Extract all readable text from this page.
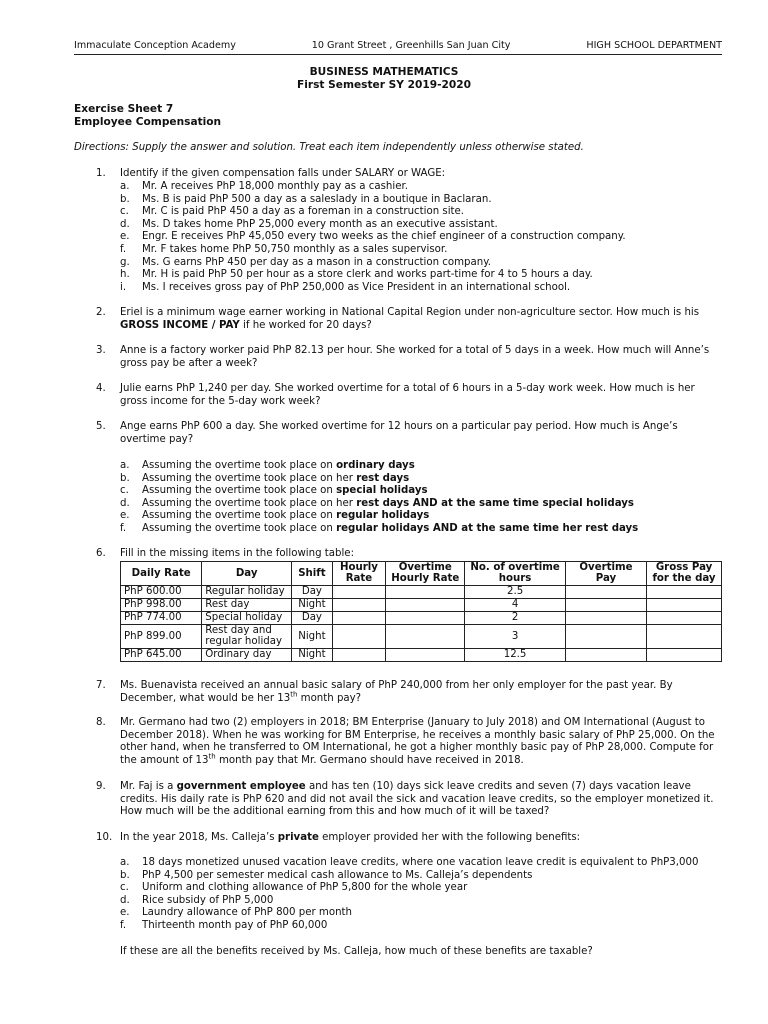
Immaculate Conception Academy	10 Grant Street , Greenhills San Juan City	HIGH SCHOOL DEPARTMENT
BUSINESS MATHEMATICS
First Semester SY 2019-2020
Exercise Sheet 7
Employee Compensation
Directions: Supply the answer and solution. Treat each item independently unless otherwise stated.
1. Identify if the given compensation falls under SALARY or WAGE:
a. Mr. A receives PhP 18,000 monthly pay as a cashier.
b. Ms. B is paid PhP 500 a day as a saleslady in a boutique in Baclaran.
c. Mr. C is paid PhP 450 a day as a foreman in a construction site.
d. Ms. D takes home PhP 25,000 every month as an executive assistant.
e. Engr. E receives PhP 45,050 every two weeks as the chief engineer of a construction company.
f. Mr. F takes home PhP 50,750 monthly as a sales supervisor.
g. Ms. G earns PhP 450 per day as a mason in a construction company.
h. Mr. H is paid PhP 50 per hour as a store clerk and works part-time for 4 to 5 hours a day.
i. Ms. I receives gross pay of PhP 250,000 as Vice President in an international school.
2. Eriel is a minimum wage earner working in National Capital Region under non-agriculture sector. How much is his GROSS INCOME / PAY if he worked for 20 days?
3. Anne is a factory worker paid PhP 82.13 per hour. She worked for a total of 5 days in a week. How much will Anne’s gross pay be after a week?
4. Julie earns PhP 1,240 per day. She worked overtime for a total of 6 hours in a 5-day work week. How much is her gross income for the 5-day work week?
5. Ange earns PhP 600 a day. She worked overtime for 12 hours on a particular pay period. How much is Ange’s overtime pay?
a. Assuming the overtime took place on ordinary days
b. Assuming the overtime took place on her rest days
c. Assuming the overtime took place on special holidays
d. Assuming the overtime took place on her rest days AND at the same time special holidays
e. Assuming the overtime took place on regular holidays
f. Assuming the overtime took place on regular holidays AND at the same time her rest days
6. Fill in the missing items in the following table:
Daily Rate	Day	Shift	Hourly Rate	Overtime Hourly Rate	No. of overtime hours	Overtime Pay	Gross Pay for the day
PhP 600.00	Regular holiday	Day			2.5		
PhP 998.00	Rest day	Night			4		
PhP 774.00	Special holiday	Day			2		
PhP 899.00	Rest day and regular holiday	Night			3		
PhP 645.00	Ordinary day	Night			12.5		
7. Ms. Buenavista received an annual basic salary of PhP 240,000 from her only employer for the past year. By December, what would be her 13th month pay?
8. Mr. Germano had two (2) employers in 2018; BM Enterprise (January to July 2018) and OM International (August to December 2018). When he was working for BM Enterprise, he receives a monthly basic salary of PhP 25,000. On the other hand, when he transferred to OM International, he got a higher monthly basic pay of PhP 28,000. Compute for the amount of 13th month pay that Mr. Germano should have received in 2018.
9. Mr. Faj is a government employee and has ten (10) days sick leave credits and seven (7) days vacation leave credits. His daily rate is PhP 620 and did not avail the sick and vacation leave credits, so the employer monetized it. How much will be the additional earning from this and how much of it will be taxed?
10. In the year 2018, Ms. Calleja’s private employer provided her with the following benefits:
a. 18 days monetized unused vacation leave credits, where one vacation leave credit is equivalent to PhP3,000
b. PhP 4,500 per semester medical cash allowance to Ms. Calleja’s dependents
c. Uniform and clothing allowance of PhP 5,800 for the whole year
d. Rice subsidy of PhP 5,000
e. Laundry allowance of PhP 800 per month
f. Thirteenth month pay of PhP 60,000
If these are all the benefits received by Ms. Calleja, how much of these benefits are taxable?
